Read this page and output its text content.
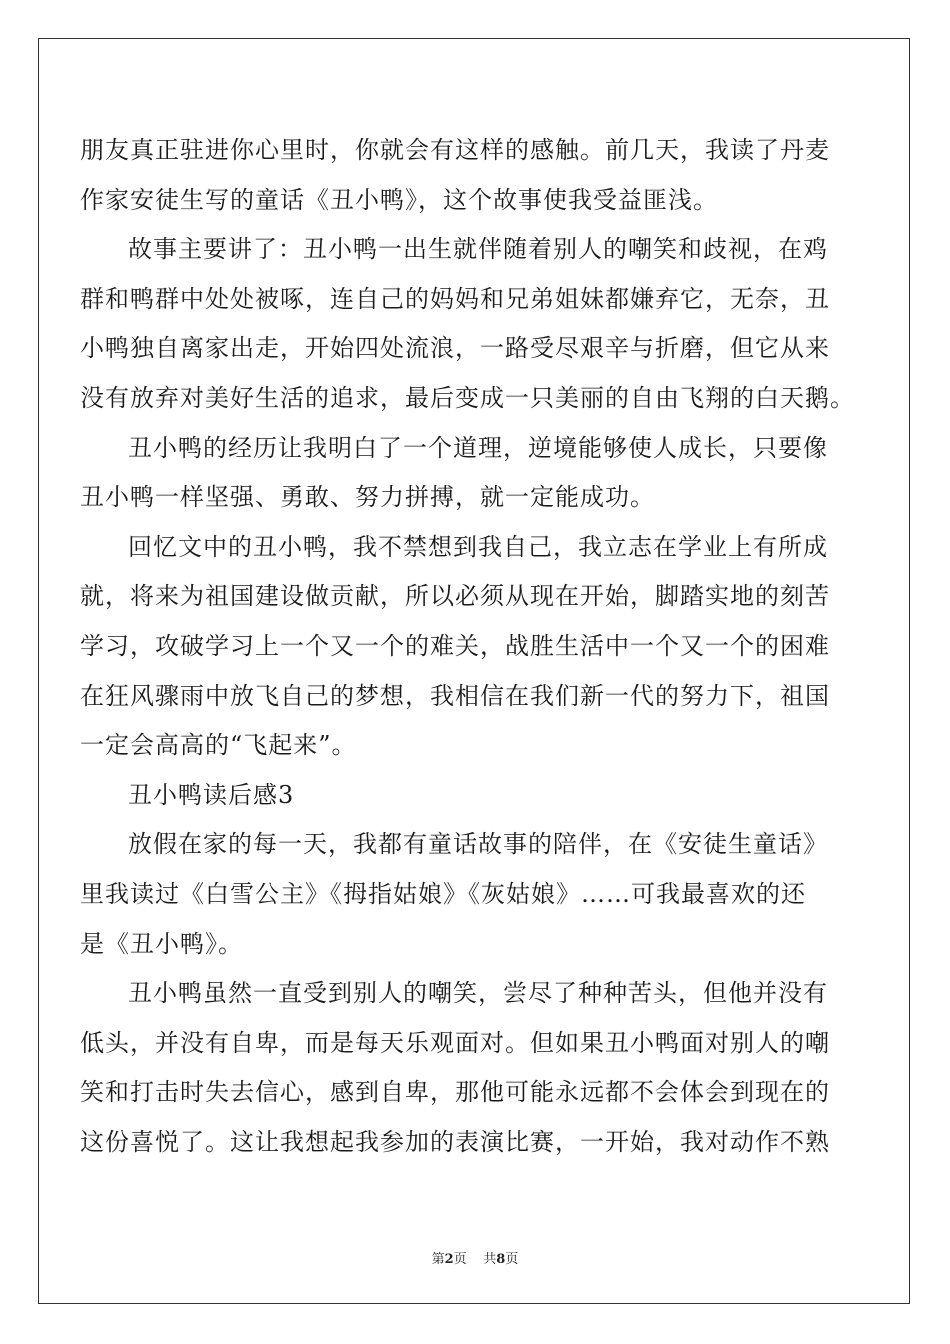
朋友真正驻进你心里时，你就会有这样的感触。前几天，我读了丹麦
作家安徒生写的童话《丑小鸭》，这个故事使我受益匪浅。
故事主要讲了：丑小鸭一出生就伴随着别人的嘲笑和歧视，在鸡
群和鸭群中处处被啄，连自己的妈妈和兄弟姐妹都嫌弃它，无奈，丑
小鸭独自离家出走，开始四处流浪，一路受尽艰辛与折磨，但它从来
没有放弃对美好生活的追求，最后变成一只美丽的自由飞翔的白天鹅。
丑小鸭的经历让我明白了一个道理，逆境能够使人成长，只要像
丑小鸭一样坚强、勇敢、努力拼搏，就一定能成功。
回忆文中的丑小鸭，我不禁想到我自己，我立志在学业上有所成
就，将来为祖国建设做贡献，所以必须从现在开始，脚踏实地的刻苦
学习，攻破学习上一个又一个的难关，战胜生活中一个又一个的困难
在狂风骤雨中放飞自己的梦想，我相信在我们新一代的努力下，祖国
一定会高高的“飞起来”。
丑小鸭读后感3
放假在家的每一天，我都有童话故事的陪伴，在《安徒生童话》
里我读过《白雪公主》《拇指姑娘》《灰姑娘》……可我最喜欢的还
是《丑小鸭》。
丑小鸭虽然一直受到别人的嘲笑，尝尽了种种苦头，但他并没有
低头，并没有自卑，而是每天乐观面对。但如果丑小鸭面对别人的嘲
笑和打击时失去信心，感到自卑，那他可能永远都不会体会到现在的
这份喜悦了。这让我想起我参加的表演比赛，一开始，我对动作不熟
第2页 共8页
